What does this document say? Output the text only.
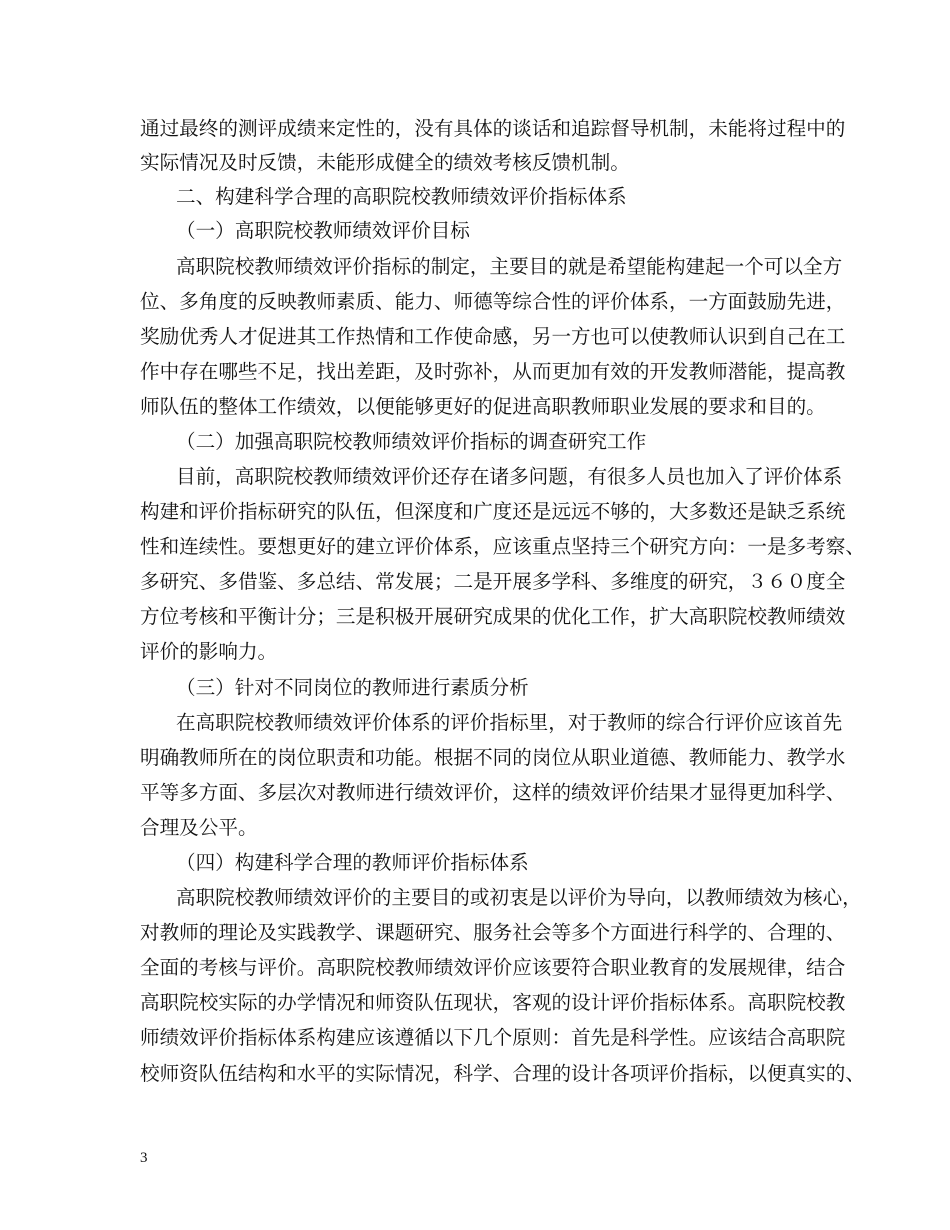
通过最终的测评成绩来定性的，没有具体的谈话和追踪督导机制，未能将过程中的
实际情况及时反馈，未能形成健全的绩效考核反馈机制。
二、构建科学合理的高职院校教师绩效评价指标体系
（一）高职院校教师绩效评价目标
高职院校教师绩效评价指标的制定，主要目的就是希望能构建起一个可以全方
位、多角度的反映教师素质、能力、师德等综合性的评价体系，一方面鼓励先进，
奖励优秀人才促进其工作热情和工作使命感，另一方也可以使教师认识到自己在工
作中存在哪些不足，找出差距，及时弥补，从而更加有效的开发教师潜能，提高教
师队伍的整体工作绩效，以便能够更好的促进高职教师职业发展的要求和目的。
（二）加强高职院校教师绩效评价指标的调查研究工作
目前，高职院校教师绩效评价还存在诸多问题，有很多人员也加入了评价体系
构建和评价指标研究的队伍，但深度和广度还是远远不够的，大多数还是缺乏系统
性和连续性。要想更好的建立评价体系，应该重点坚持三个研究方向：一是多考察、
多研究、多借鉴、多总结、常发展；二是开展多学科、多维度的研究，３６０度全
方位考核和平衡计分；三是积极开展研究成果的优化工作，扩大高职院校教师绩效
评价的影响力。
（三）针对不同岗位的教师进行素质分析
在高职院校教师绩效评价体系的评价指标里，对于教师的综合行评价应该首先
明确教师所在的岗位职责和功能。根据不同的岗位从职业道德、教师能力、教学水
平等多方面、多层次对教师进行绩效评价，这样的绩效评价结果才显得更加科学、
合理及公平。
（四）构建科学合理的教师评价指标体系
高职院校教师绩效评价的主要目的或初衷是以评价为导向，以教师绩效为核心，
对教师的理论及实践教学、课题研究、服务社会等多个方面进行科学的、合理的、
全面的考核与评价。高职院校教师绩效评价应该要符合职业教育的发展规律，结合
高职院校实际的办学情况和师资队伍现状，客观的设计评价指标体系。高职院校教
师绩效评价指标体系构建应该遵循以下几个原则：首先是科学性。应该结合高职院
校师资队伍结构和水平的实际情况，科学、合理的设计各项评价指标，以便真实的、
3
